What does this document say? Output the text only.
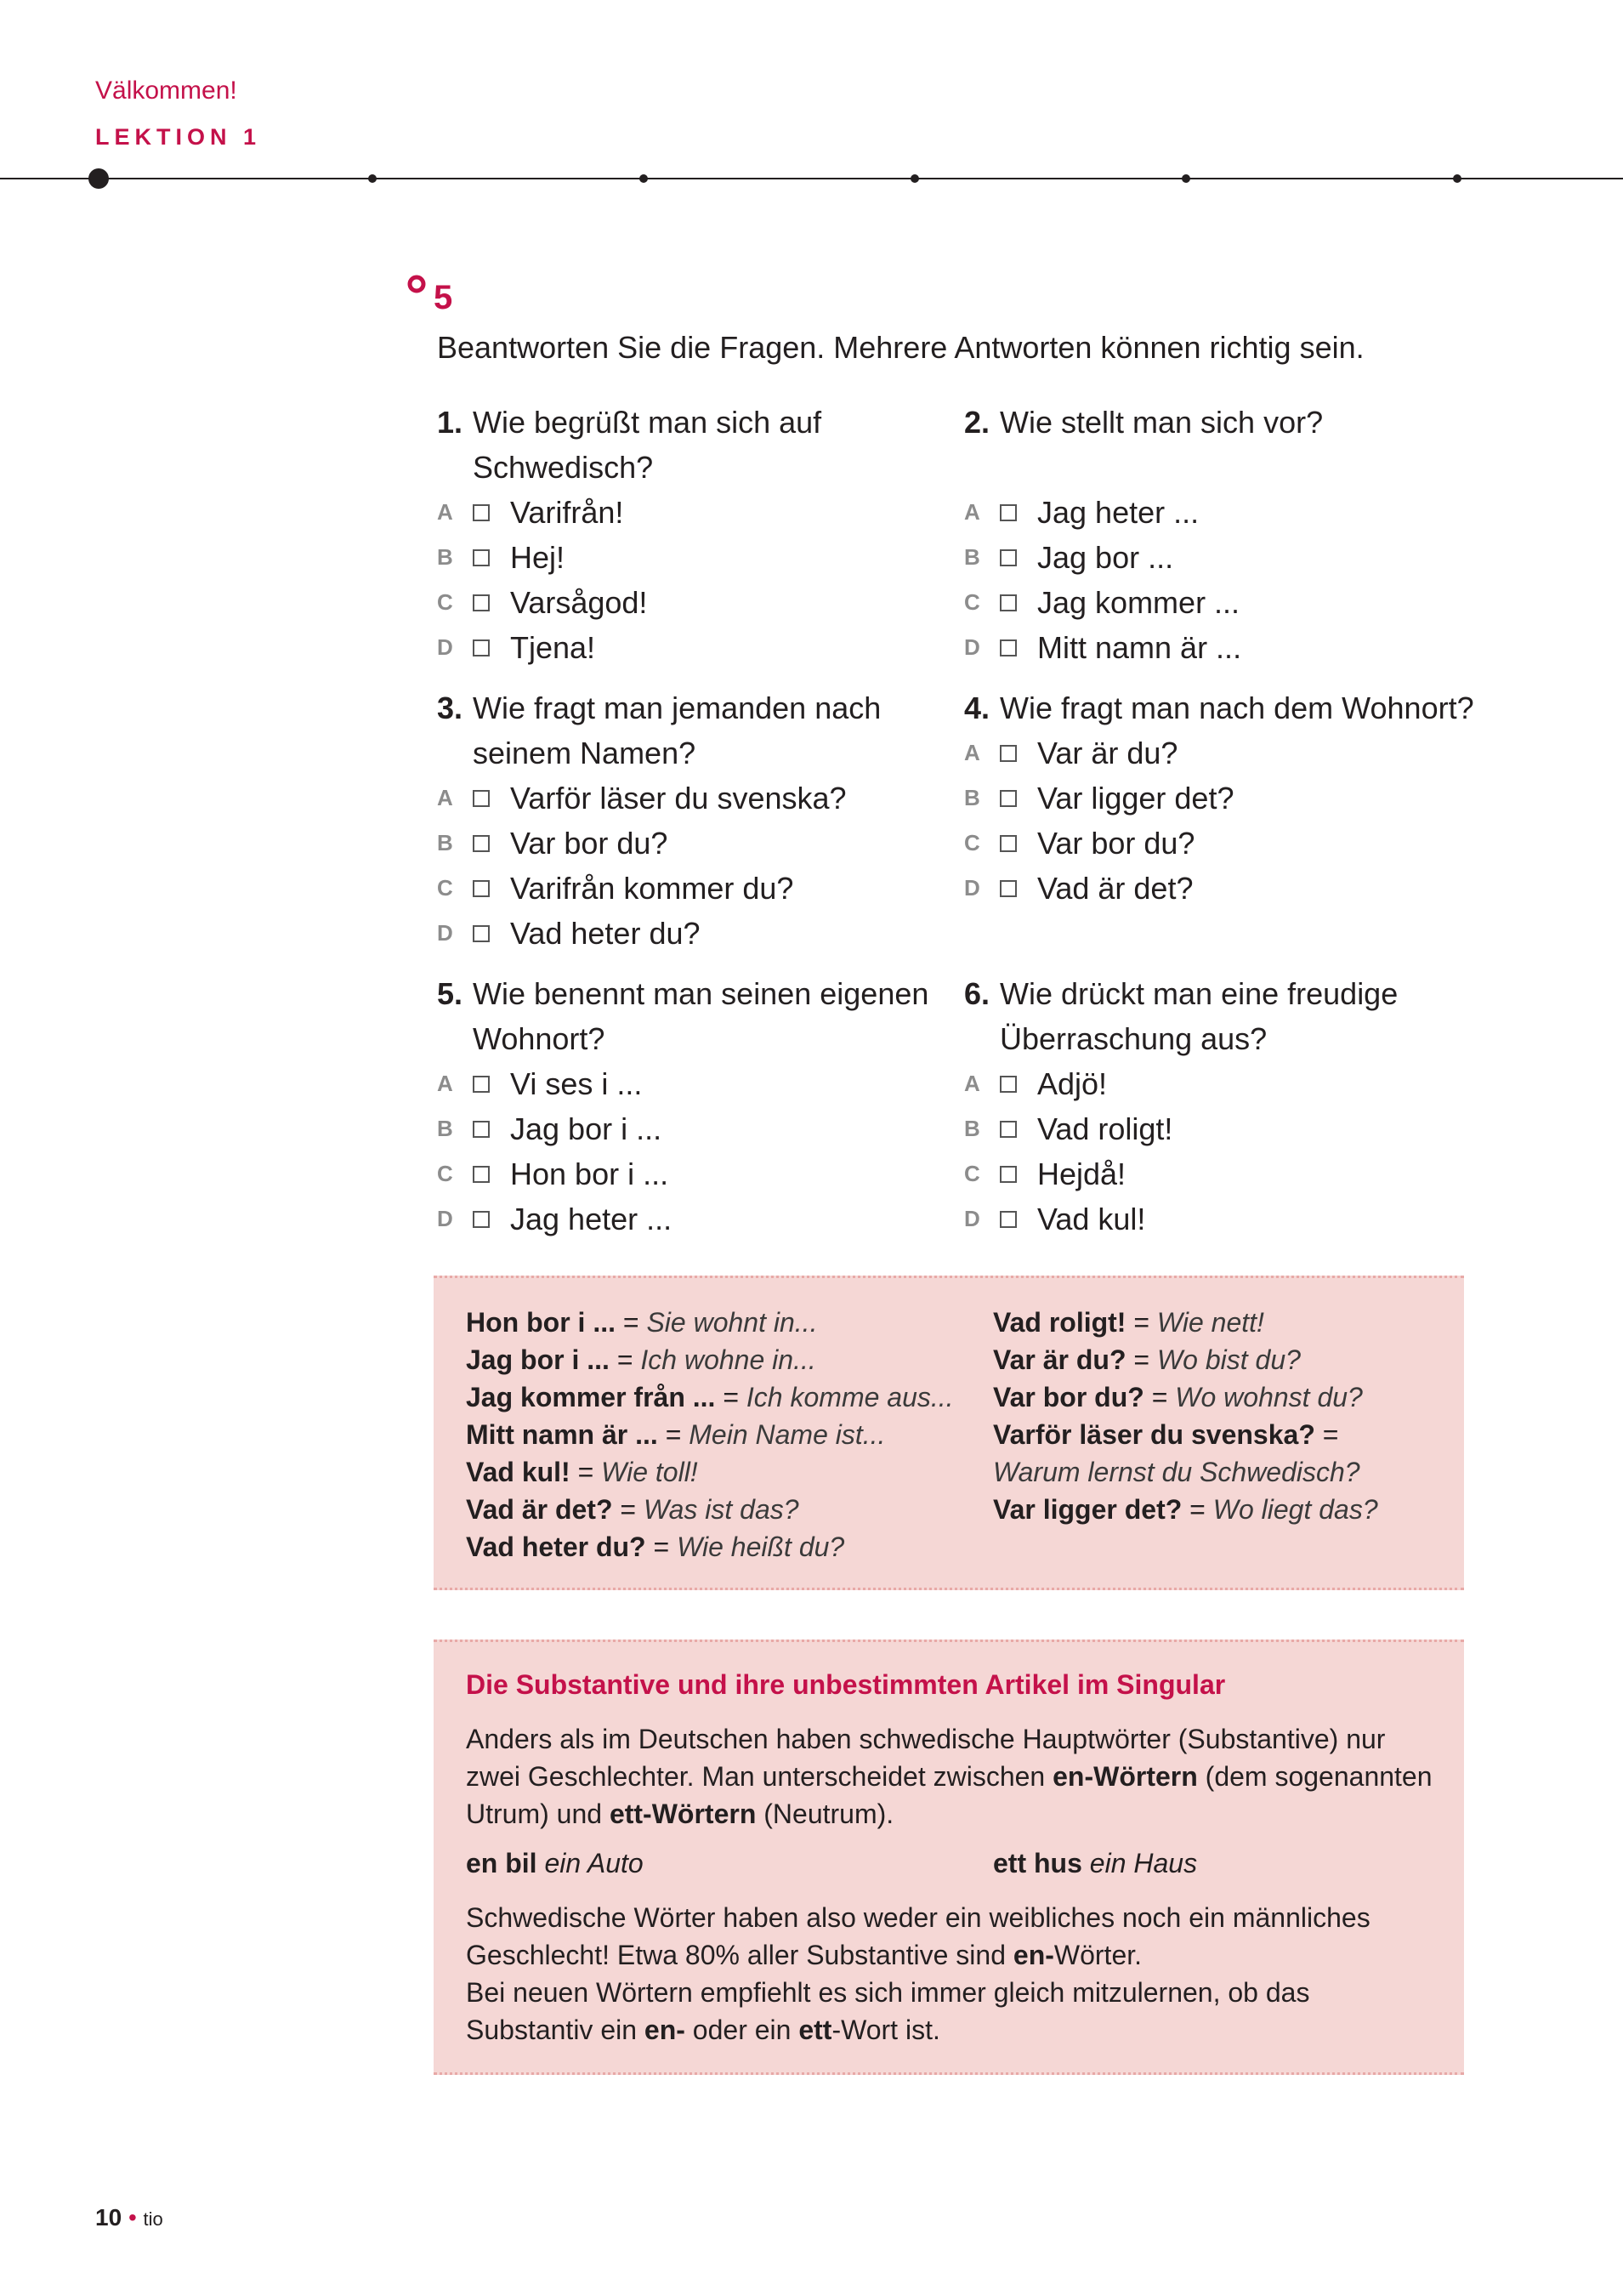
Välkommen!
LEKTION 1
5
Beantworten Sie die Fragen. Mehrere Antworten können richtig sein.
1. Wie begrüßt man sich auf Schwedisch?
A	Varifrån!
B	Hej!
C	Varsågod!
D	Tjena!
2. Wie stellt man sich vor?
A	Jag heter ...
B	Jag bor ...
C	Jag kommer ...
D	Mitt namn är ...
3. Wie fragt man jemanden nach seinem Namen?
A	Varför läser du svenska?
B	Var bor du?
C	Varifrån kommer du?
D	Vad heter du?
4. Wie fragt man nach dem Wohnort?
A	Var är du?
B	Var ligger det?
C	Var bor du?
D	Vad är det?
5. Wie benennt man seinen eigenen Wohnort?
A	Vi ses i ...
B	Jag bor i ...
C	Hon bor i ...
D	Jag heter ...
6. Wie drückt man eine freudige Überraschung aus?
A	Adjö!
B	Vad roligt!
C	Hejdå!
D	Vad kul!
Hon bor i ... = Sie wohnt in...
Jag bor i ... = Ich wohne in...
Jag kommer från ... = Ich komme aus...
Mitt namn är ... = Mein Name ist...
Vad kul! = Wie toll!
Vad är det? = Was ist das?
Vad heter du? = Wie heißt du?
Vad roligt! = Wie nett!
Var är du? = Wo bist du?
Var bor du? = Wo wohnst du?
Varför läser du svenska? =
Warum lernst du Schwedisch?
Var ligger det? = Wo liegt das?
Die Substantive und ihre unbestimmten Artikel im Singular
Anders als im Deutschen haben schwedische Hauptwörter (Substantive) nur zwei Geschlechter. Man unterscheidet zwischen en-Wörtern (dem sogenannten Utrum) und ett-Wörtern (Neutrum).
en bil ein Auto	ett hus ein Haus
Schwedische Wörter haben also weder ein weibliches noch ein männliches Geschlecht! Etwa 80% aller Substantive sind en-Wörter.
Bei neuen Wörtern empfiehlt es sich immer gleich mitzulernen, ob das Substantiv ein en- oder ein ett-Wort ist.
10 • tio
